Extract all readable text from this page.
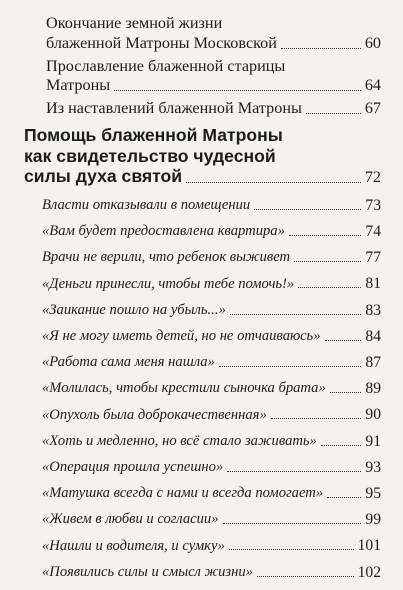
Окончание земной жизни
блаженной Матроны Московской	60
Прославление блаженной старицы
Матроны	64
Из наставлений блаженной Матроны	67
Помощь блаженной Матроны
как свидетельство чудесной
силы духа святой	72
Власти отказывали в помещении	73
«Вам будет предоставлена квартира»	74
Врачи не верили, что ребенок выживет	77
«Деньги принесли, чтобы тебе помочь!»	81
«Заикание пошло на убыль...»	83
«Я не могу иметь детей, но не отчаиваюсь»	84
«Работа сама меня нашла»	87
«Молилась, чтобы крестили сыночка брата»	89
«Опухоль была доброкачественная»	90
«Хоть и медленно, но всё стало заживать»	91
«Операция прошла успешно»	93
«Матушка всегда с нами и всегда помогает»	95
«Живем в любви и согласии»	99
«Нашли и водителя, и сумку»	101
«Появились силы и смысл жизни»	102
